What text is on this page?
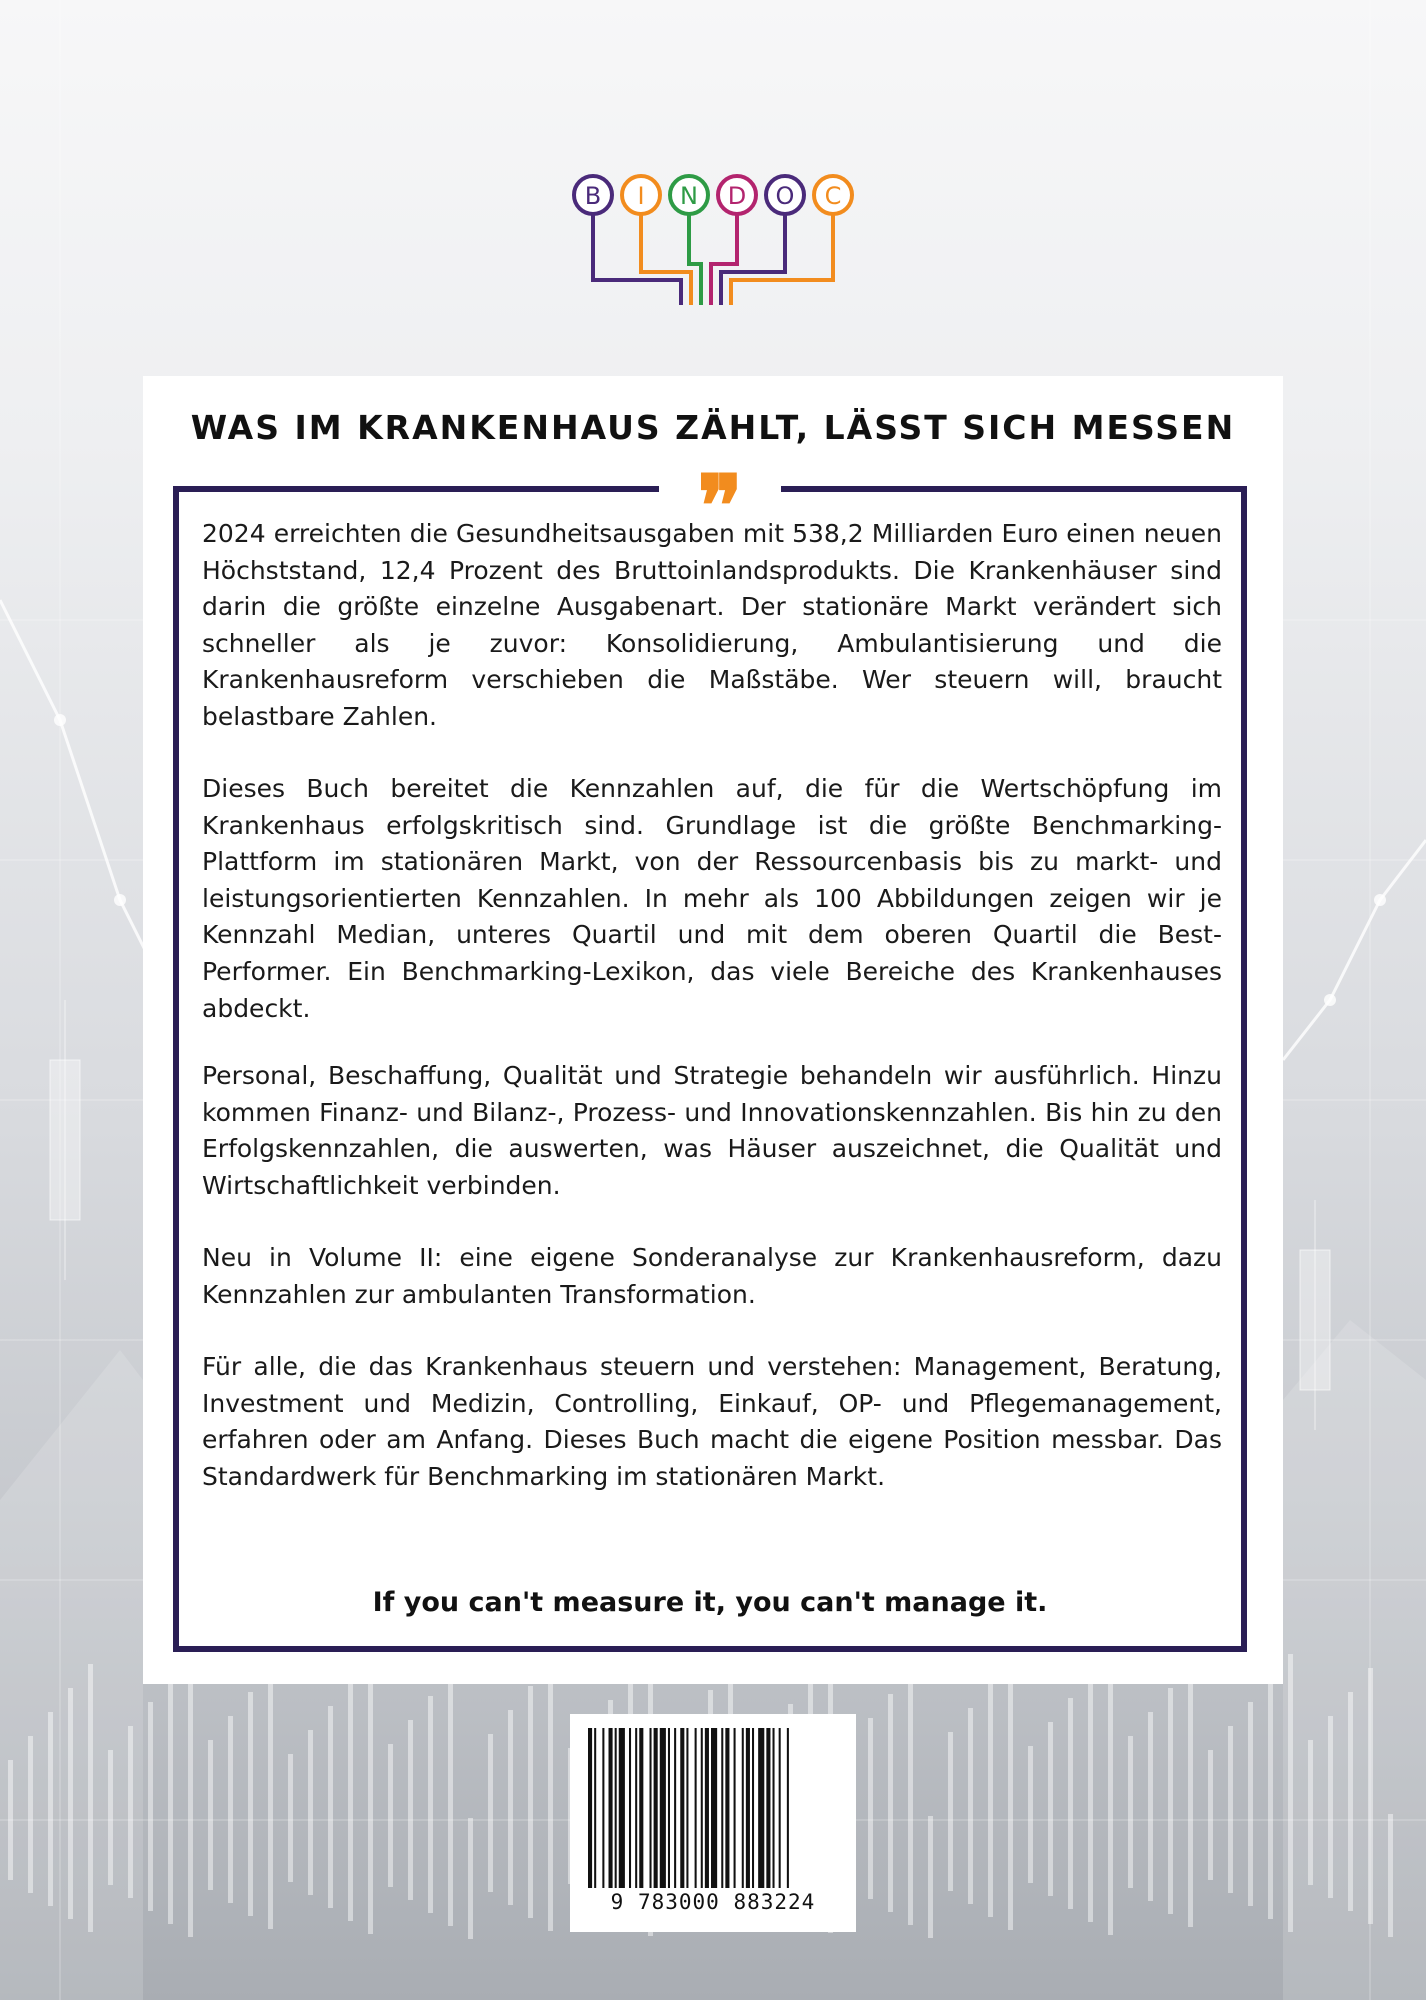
B I N D O C
WAS IM KRANKENHAUS ZÄHLT, LÄSST SICH MESSEN
❞

2024 erreichten die Gesundheitsausgaben mit 538,2 Milliarden Euro einen neuen Höchststand, 12,4 Prozent des Bruttoinlandsprodukts. Die Krankenhäuser sind darin die größte einzelne Ausgabenart. Der stationäre Markt verändert sich schneller als je zuvor: Konsolidierung, Ambulantisierung und die Krankenhausreform verschieben die Maßstäbe. Wer steuern will, braucht belastbare Zahlen.

Dieses Buch bereitet die Kennzahlen auf, die für die Wertschöpfung im Krankenhaus erfolgskritisch sind. Grundlage ist die größte Benchmarking-Plattform im stationären Markt, von der Ressourcenbasis bis zu markt- und leistungsorientierten Kennzahlen. In mehr als 100 Abbildungen zeigen wir je Kennzahl Median, unteres Quartil und mit dem oberen Quartil die Best-Performer. Ein Benchmarking-Lexikon, das viele Bereiche des Krankenhauses abdeckt.

Personal, Beschaffung, Qualität und Strategie behandeln wir ausführlich. Hinzu kommen Finanz- und Bilanz-, Prozess- und Innovationskennzahlen. Bis hin zu den Erfolgskennzahlen, die auswerten, was Häuser auszeichnet, die Qualität und Wirtschaftlichkeit verbinden.

Neu in Volume II: eine eigene Sonderanalyse zur Krankenhausreform, dazu Kennzahlen zur ambulanten Transformation.

Für alle, die das Krankenhaus steuern und verstehen: Management, Beratung, Investment und Medizin, Controlling, Einkauf, OP- und Pflegemanagement, erfahren oder am Anfang. Dieses Buch macht die eigene Position messbar. Das Standardwerk für Benchmarking im stationären Markt.

If you can't measure it, you can't manage it.

9 783000 883224
